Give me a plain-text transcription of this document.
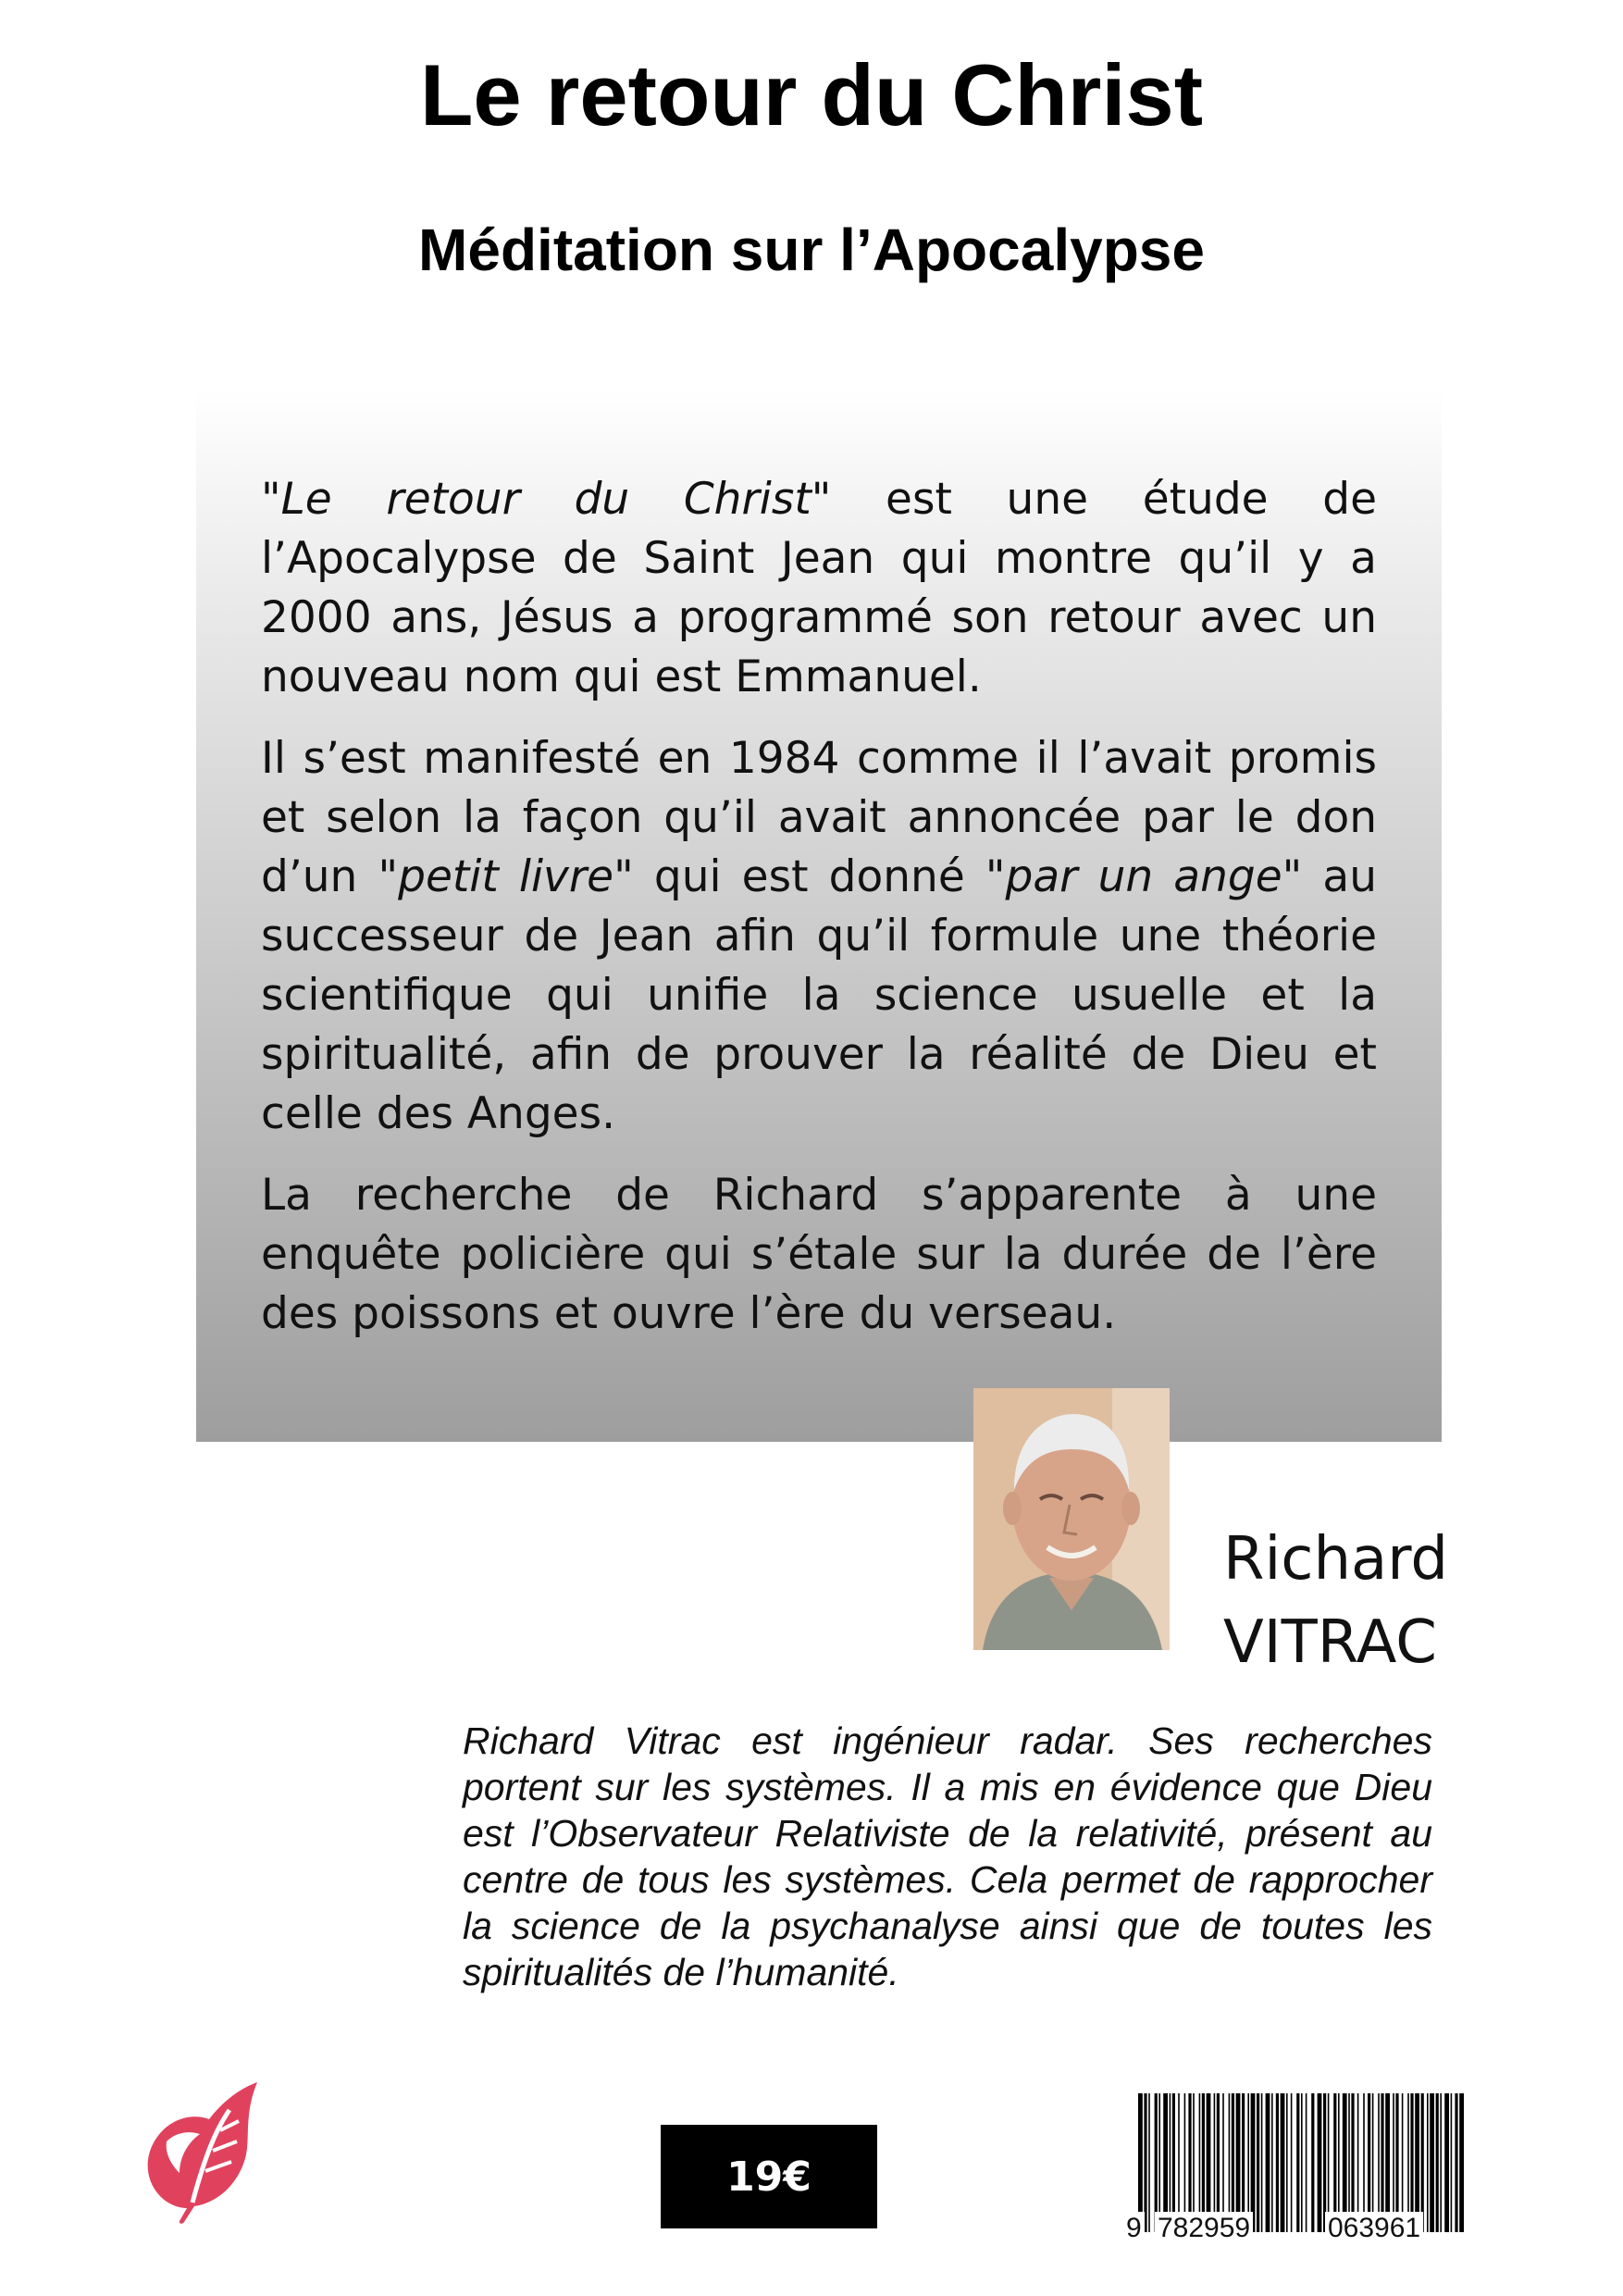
Le retour du Christ
Méditation sur l’Apocalypse

"Le retour du Christ" est une étude de l’Apocalypse de Saint Jean qui montre qu’il y a 2000 ans, Jésus a programmé son retour avec un nouveau nom qui est Emmanuel.

Il s’est manifesté en 1984 comme il l’avait promis et selon la façon qu’il avait annoncée par le don d’un "petit livre" qui est donné "par un ange" au successeur de Jean afin qu’il formule une théorie scientifique qui unifie la science usuelle et la spiritualité, afin de prouver la réalité de Dieu et celle des Anges.

La recherche de Richard s’apparente à une enquête policière qui s’étale sur la durée de l’ère des poissons et ouvre l’ère du verseau.

Richard
VITRAC
Richard Vitrac est ingénieur radar. Ses recherches portent sur les systèmes. Il a mis en évidence que Dieu est l’Observateur Relativiste de la relativité, présent au centre de tous les systèmes. Cela permet de rapprocher la science de la psychanalyse ainsi que de toutes les spiritualités de l’humanité.
19€
9 782959	063961
